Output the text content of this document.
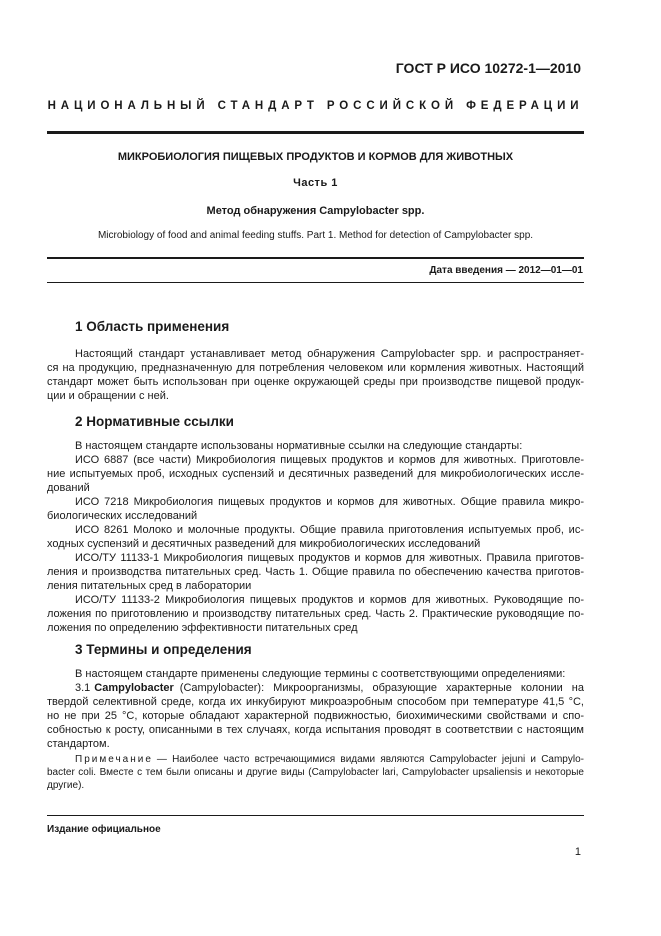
ГОСТ Р ИСО 10272-1—2010
НАЦИОНАЛЬНЫЙ СТАНДАРТ РОССИЙСКОЙ ФЕДЕРАЦИИ
МИКРОБИОЛОГИЯ ПИЩЕВЫХ ПРОДУКТОВ И КОРМОВ ДЛЯ ЖИВОТНЫХ
Часть 1
Метод обнаружения Campylobacter spp.
Microbiology of food and animal feeding stuffs. Part 1. Method for detection of Campylobacter spp.
Дата введения — 2012—01—01
1 Область применения
Настоящий стандарт устанавливает метод обнаружения Campylobacter spp. и распространяет-
ся на продукцию, предназначенную для потребления человеком или кормления животных. Настоящий
стандарт может быть использован при оценке окружающей среды при производстве пищевой продук-
ции и обращении с ней.
2 Нормативные ссылки
В настоящем стандарте использованы нормативные ссылки на следующие стандарты:
ИСО 6887 (все части) Микробиология пищевых продуктов и кормов для животных. Приготовле-
ние испытуемых проб, исходных суспензий и десятичных разведений для микробиологических иссле-
дований
ИСО 7218 Микробиология пищевых продуктов и кормов для животных. Общие правила микро-
биологических исследований
ИСО 8261 Молоко и молочные продукты. Общие правила приготовления испытуемых проб, ис-
ходных суспензий и десятичных разведений для микробиологических исследований
ИСО/ТУ 11133-1 Микробиология пищевых продуктов и кормов для животных. Правила приготов-
ления и производства питательных сред. Часть 1. Общие правила по обеспечению качества приготов-
ления питательных сред в лаборатории
ИСО/ТУ 11133-2 Микробиология пищевых продуктов и кормов для животных. Руководящие по-
ложения по приготовлению и производству питательных сред. Часть 2. Практические руководящие по-
ложения по определению эффективности питательных сред
3 Термины и определения
В настоящем стандарте применены следующие термины с соответствующими определениями:
3.1 Campylobacter (Campylobacter): Микроорганизмы, образующие характерные колонии на
твердой селективной среде, когда их инкубируют микроаэробным способом при температуре 41,5 °С,
но не при 25 °С, которые обладают характерной подвижностью, биохимическими свойствами и спо-
собностью к росту, описанными в тех случаях, когда испытания проводят в соответствии с настоящим
стандартом.
Примечание — Наиболее часто встречающимися видами являются Campylobacter jejuni и Campylo-
bacter coli. Вместе с тем были описаны и другие виды (Campylobacter lari, Campylobacter upsaliensis и некоторые
другие).
Издание официальное
1
